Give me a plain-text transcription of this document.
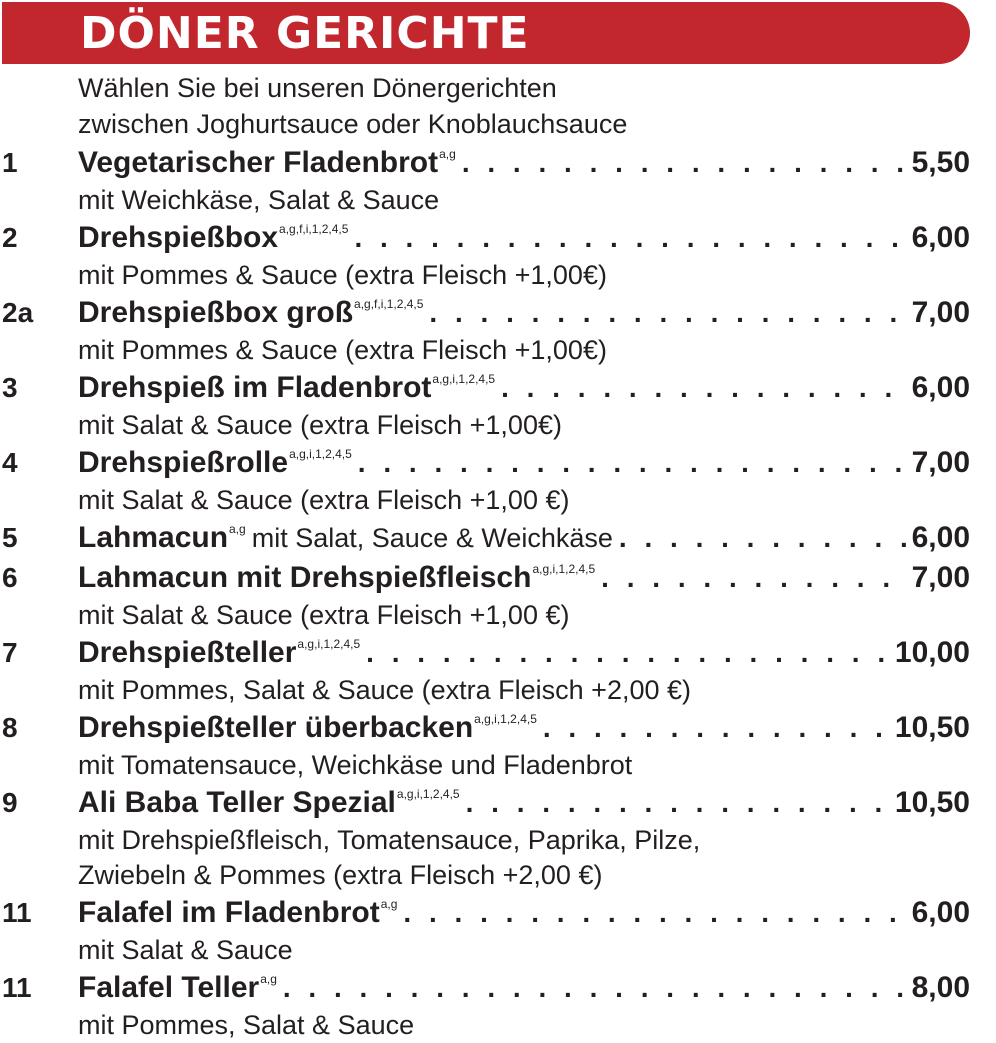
DÖNER GERICHTE
Wählen Sie bei unseren Dönergerichten
zwischen Joghurtsauce oder Knoblauchsauce
1 Vegetarischer Fladenbrot$^{a,g}$ . . .	5,50
mit Weichkäse, Salat & Sauce
2 Drehspießbox$^{a,g,f,i,1,2,4,5}$ . . .	6,00
mit Pommes & Sauce (extra Fleisch +1,00€)
2a Drehspießbox groß$^{a,g,f,i,1,2,4,5}$ . . .	7,00
mit Pommes & Sauce (extra Fleisch +1,00€)
3 Drehspieß im Fladenbrot$^{a,g,i,1,2,4,5}$ . . .	6,00
mit Salat & Sauce (extra Fleisch +1,00€)
4 Drehspießrolle$^{a,g,i,1,2,4,5}$ . . .	7,00
mit Salat & Sauce (extra Fleisch +1,00 €)
5 Lahmacun$^{a,g}$ mit Salat, Sauce & Weichkäse . . .	6,00
6 Lahmacun mit Drehspießfleisch$^{a,g,i,1,2,4,5}$ . . .	7,00
mit Salat & Sauce (extra Fleisch +1,00 €)
7 Drehspießteller$^{a,g,i,1,2,4,5}$ . . .	10,00
mit Pommes, Salat & Sauce (extra Fleisch +2,00 €)
8 Drehspießteller überbacken$^{a,g,i,1,2,4,5}$ . . .	10,50
mit Tomatensauce, Weichkäse und Fladenbrot
9 Ali Baba Teller Spezial$^{a,g,i,1,2,4,5}$ . . .	10,50
mit Drehspießfleisch, Tomatensauce, Paprika, Pilze,
Zwiebeln & Pommes (extra Fleisch +2,00 €)
11 Falafel im Fladenbrot$^{a,g}$ . . .	6,00
mit Salat & Sauce
11 Falafel Teller$^{a,g}$ . . .	8,00
mit Pommes, Salat & Sauce
